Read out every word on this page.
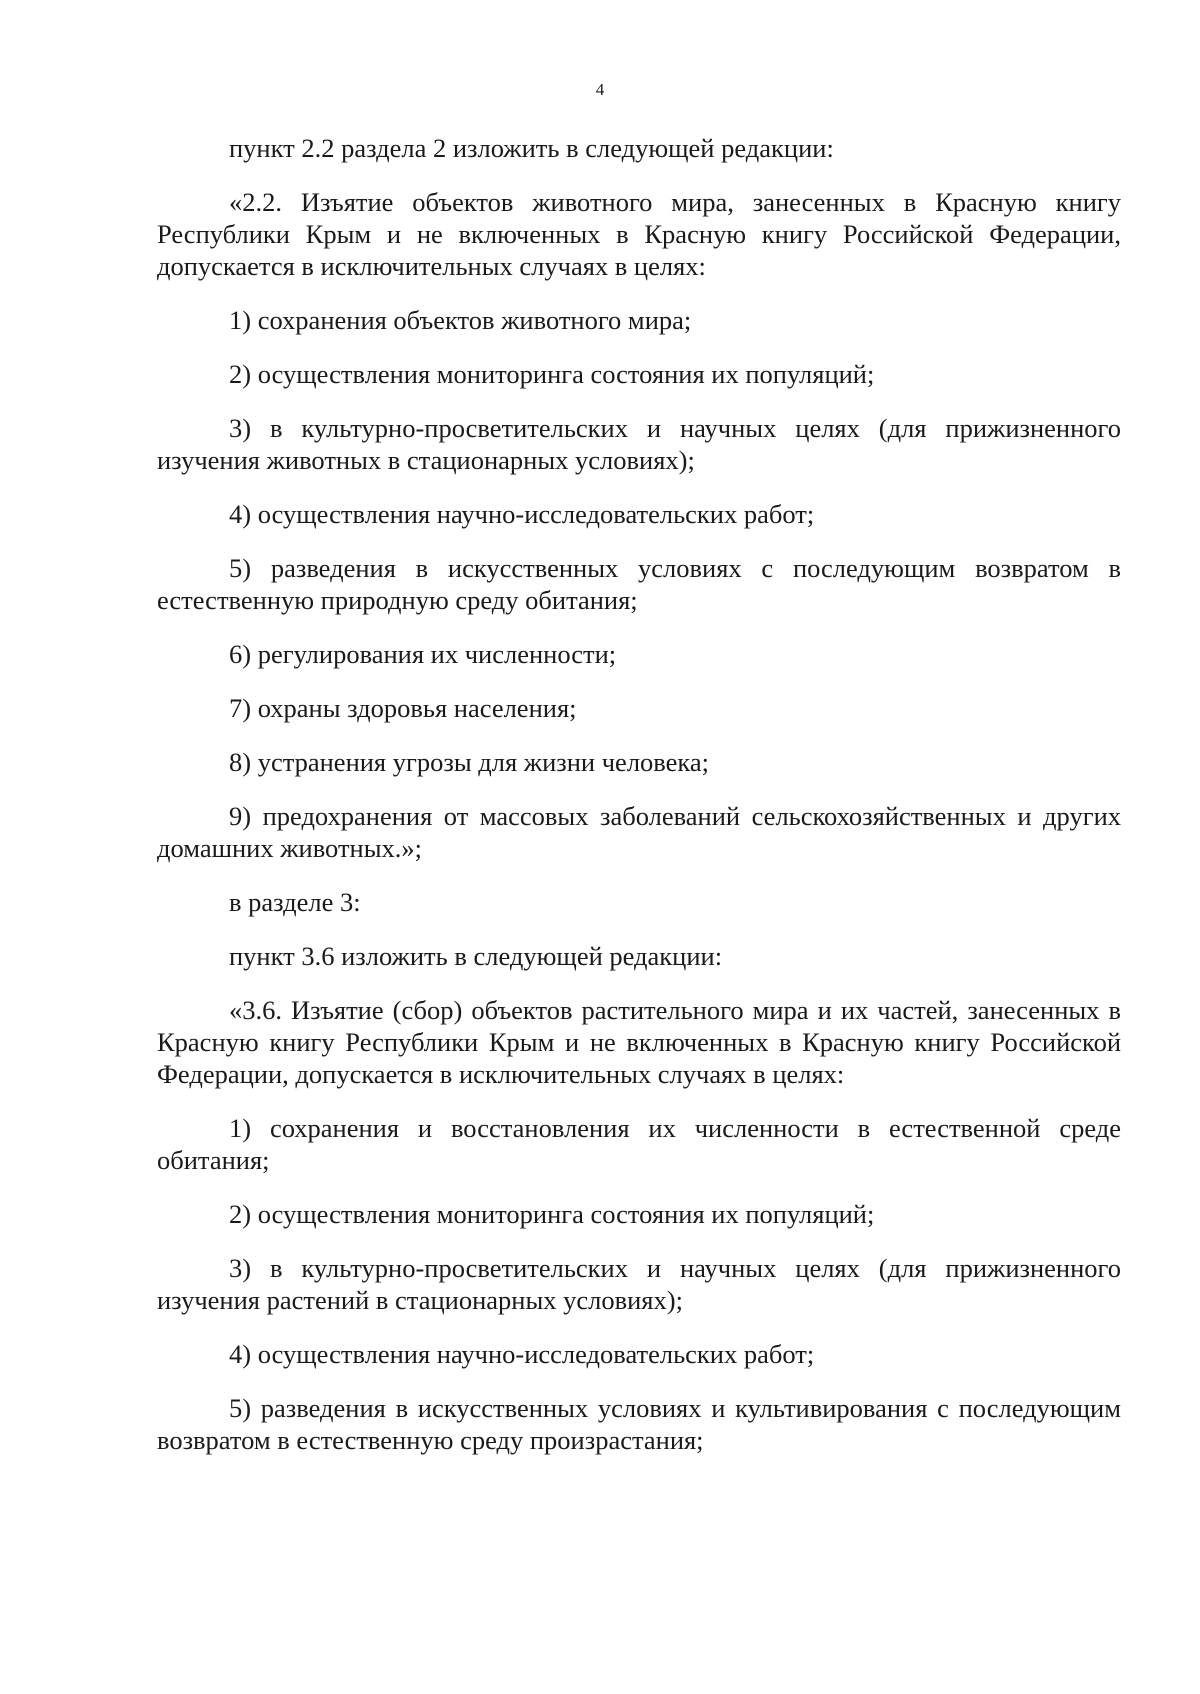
4

пункт 2.2 раздела 2 изложить в следующей редакции:

«2.2. Изъятие объектов животного мира, занесенных в Красную книгу Республики Крым и не включенных в Красную книгу Российской Федерации, допускается в исключительных случаях в целях:

1) сохранения объектов животного мира;

2) осуществления мониторинга состояния их популяций;

3) в культурно-просветительских и научных целях (для прижизненного изучения животных в стационарных условиях);

4) осуществления научно-исследовательских работ;

5) разведения в искусственных условиях с последующим возвратом в естественную природную среду обитания;

6) регулирования их численности;

7) охраны здоровья населения;

8) устранения угрозы для жизни человека;

9) предохранения от массовых заболеваний сельскохозяйственных и других домашних животных.»;

в разделе 3:

пункт 3.6 изложить в следующей редакции:

«3.6. Изъятие (сбор) объектов растительного мира и их частей, занесенных в Красную книгу Республики Крым и не включенных в Красную книгу Российской Федерации, допускается в исключительных случаях в целях:

1) сохранения и восстановления их численности в естественной среде обитания;

2) осуществления мониторинга состояния их популяций;

3) в культурно-просветительских и научных целях (для прижизненного изучения растений в стационарных условиях);

4) осуществления научно-исследовательских работ;

5) разведения в искусственных условиях и культивирования с последующим возвратом в естественную среду произрастания;
